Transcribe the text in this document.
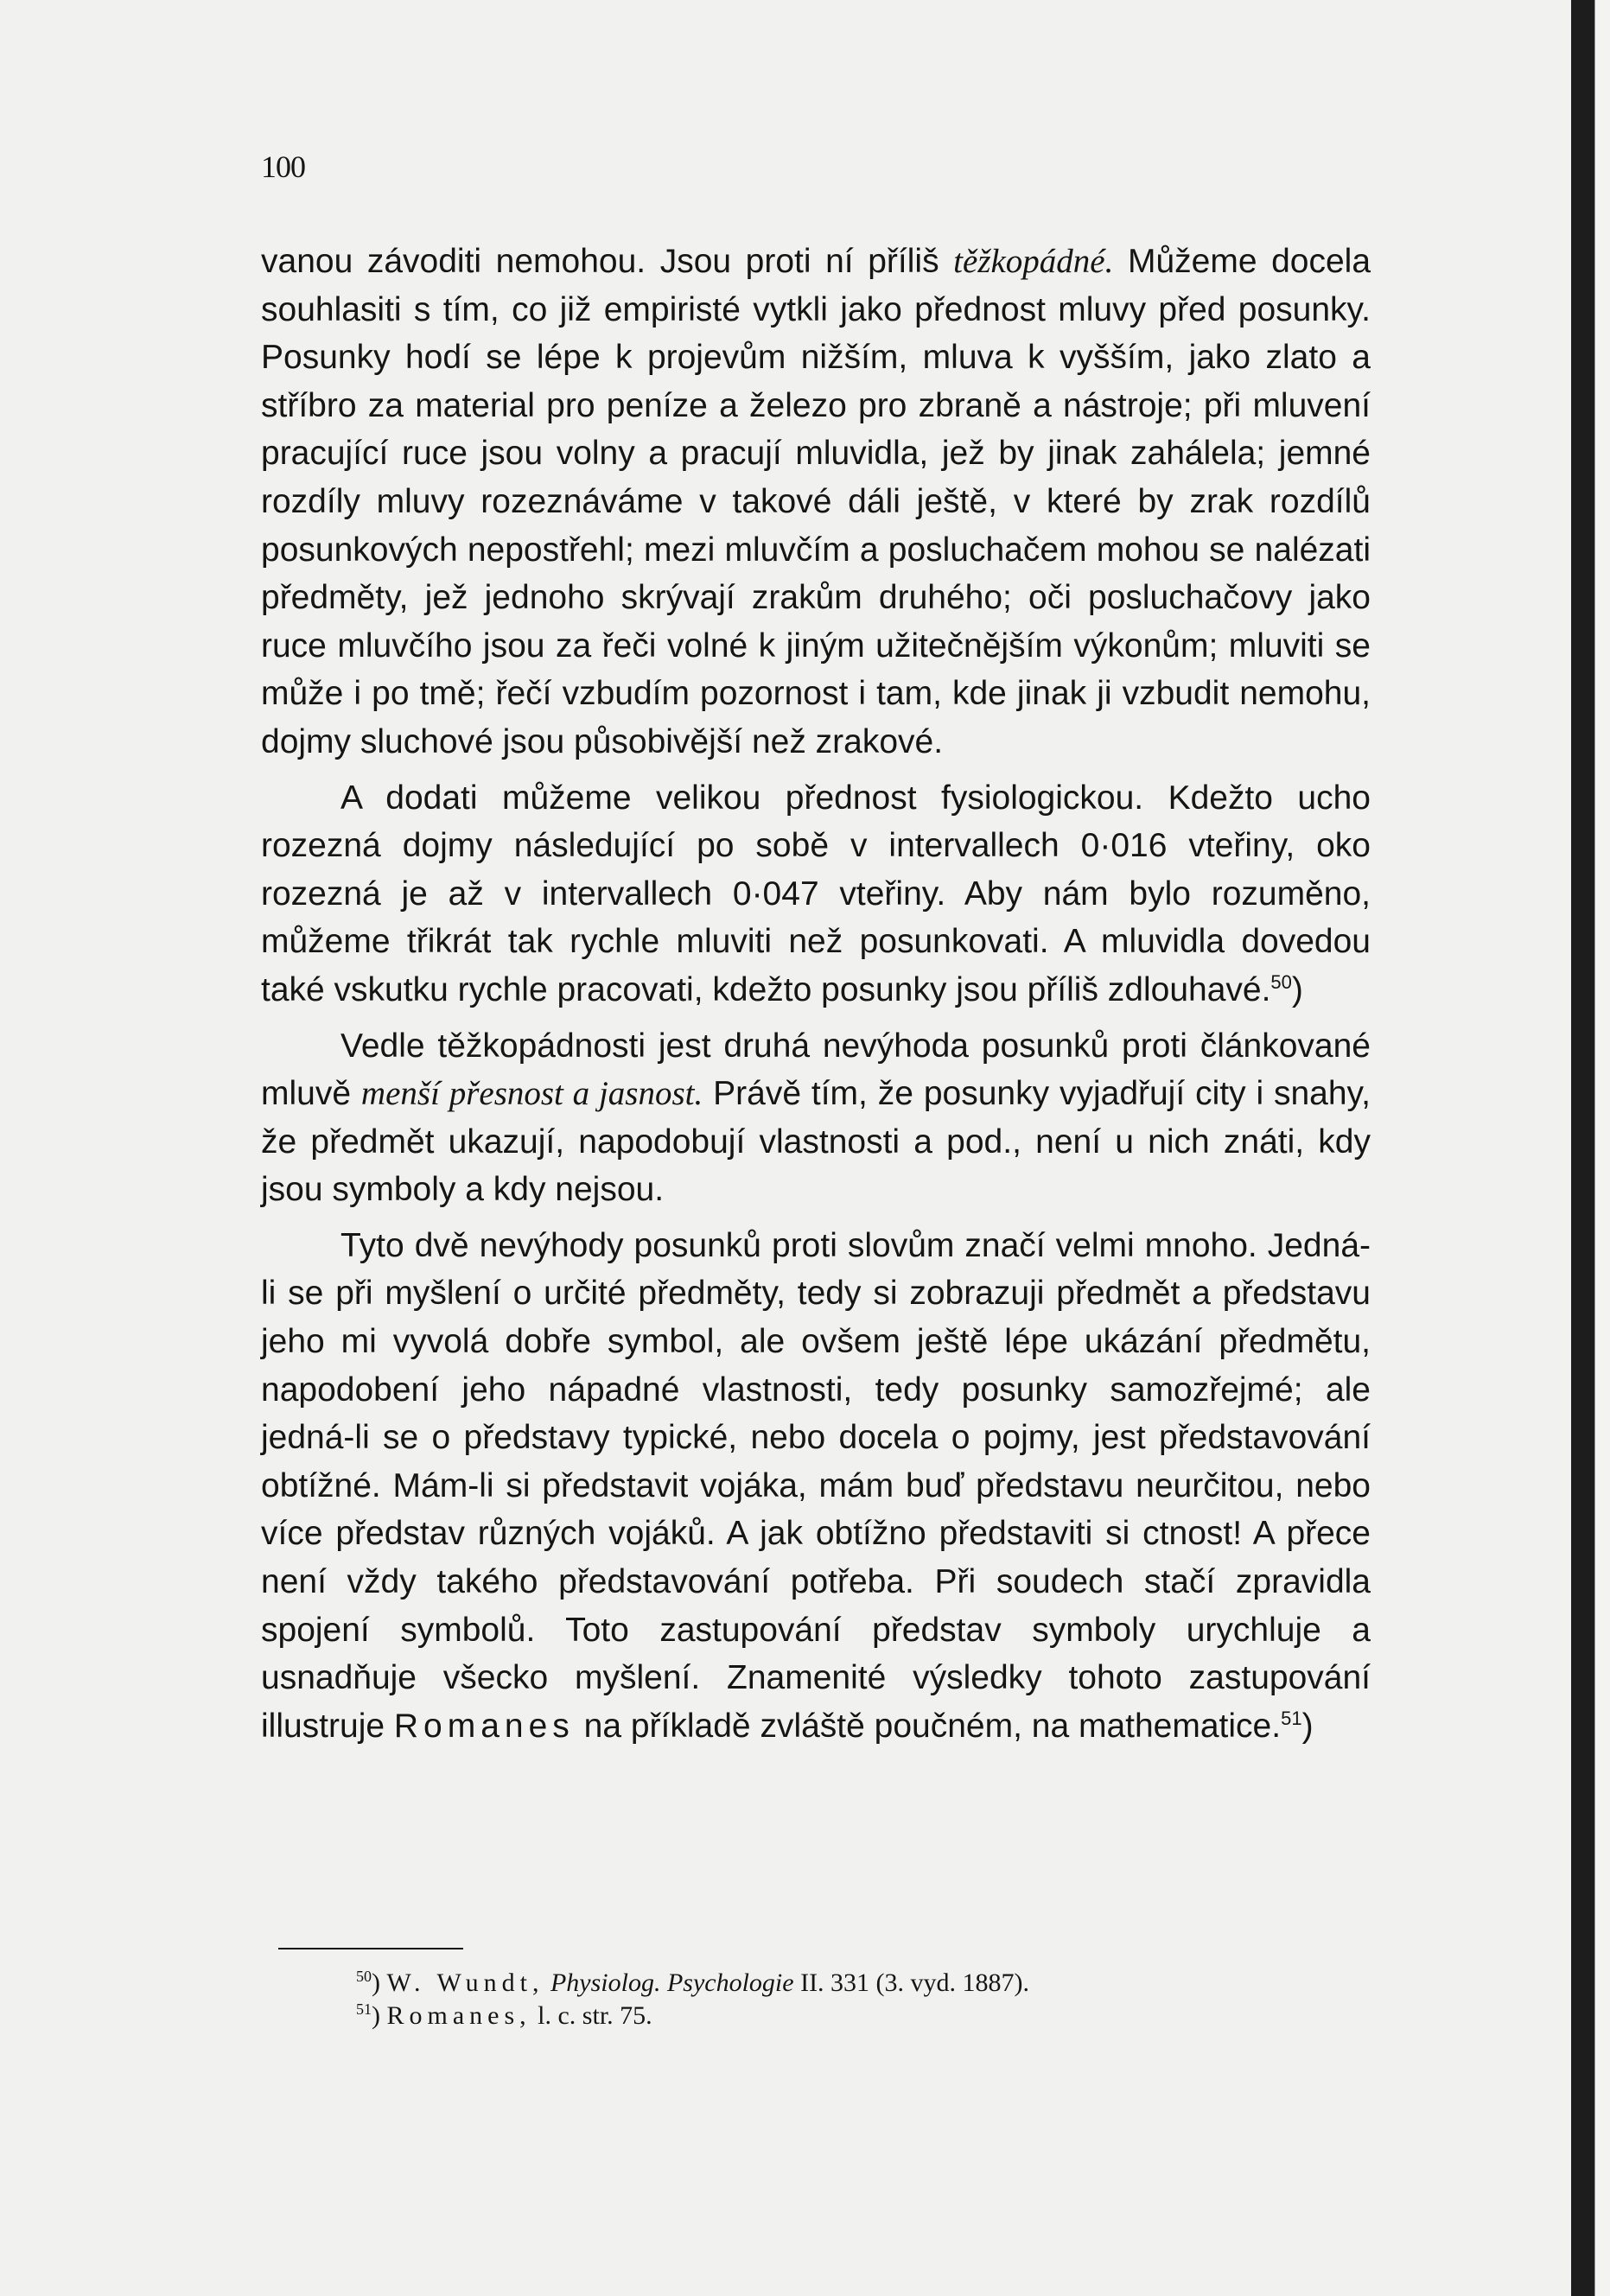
100

vanou závoditi nemohou. Jsou proti ní příliš těžkopádné. Můžeme docela souhlasiti s tím, co již empiristé vytkli jako přednost mluvy před posunky. Posunky hodí se lépe k projevům nižším, mluva k vyšším, jako zlato a stříbro za material pro peníze a železo pro zbraně a nástroje; při mluvení pracující ruce jsou volny a pracují mluvidla, jež by jinak zahálela; jemné rozdíly mluvy rozeznáváme v takové dáli ještě, v které by zrak rozdílů posunkových nepostřehl; mezi mluvčím a posluchačem mohou se nalézati předměty, jež jednoho skrývají zrakům druhého; oči posluchačovy jako ruce mluvčího jsou za řeči volné k jiným užitečnějším výkonům; mluviti se může i po tmě; řečí vzbudím pozornost i tam, kde jinak ji vzbudit nemohu, dojmy sluchové jsou působivější než zrakové.

A dodati můžeme velikou přednost fysiologickou. Kdežto ucho rozezná dojmy následující po sobě v intervallech 0·016 vteřiny, oko rozezná je až v intervallech 0·047 vteřiny. Aby nám bylo rozuměno, můžeme třikrát tak rychle mluviti než posunkovati. A mluvidla dovedou také vskutku rychle pracovati, kdežto posunky jsou příliš zdlouhavé.$^{50}$)

Vedle těžkopádnosti jest druhá nevýhoda posunků proti článkované mluvě menší přesnost a jasnost. Právě tím, že posunky vyjadřují city i snahy, že předmět ukazují, napodobují vlastnosti a pod., není u nich znáti, kdy jsou symboly a kdy nejsou.

Tyto dvě nevýhody posunků proti slovům značí velmi mnoho. Jedná-li se při myšlení o určité předměty, tedy si zobrazuji předmět a představu jeho mi vyvolá dobře symbol, ale ovšem ještě lépe ukázání předmětu, napodobení jeho nápadné vlastnosti, tedy posunky samozřejmé; ale jedná-li se o představy typické, nebo docela o pojmy, jest představování obtížné. Mám-li si představit vojáka, mám buď představu neurčitou, nebo více představ různých vojáků. A jak obtížno představiti si ctnost! A přece není vždy takého představování potřeba. Při soudech stačí zpravidla spojení symbolů. Toto zastupování představ symboly urychluje a usnadňuje všecko myšlení. Znamenité výsledky tohoto zastupování illustruje Romanes na příkladě zvláště poučném, na mathematice.$^{51}$)

$^{50}$) W. Wundt, Physiolog. Psychologie II. 331 (3. vyd. 1887).
$^{51}$) Romanes, l. c. str. 75.
